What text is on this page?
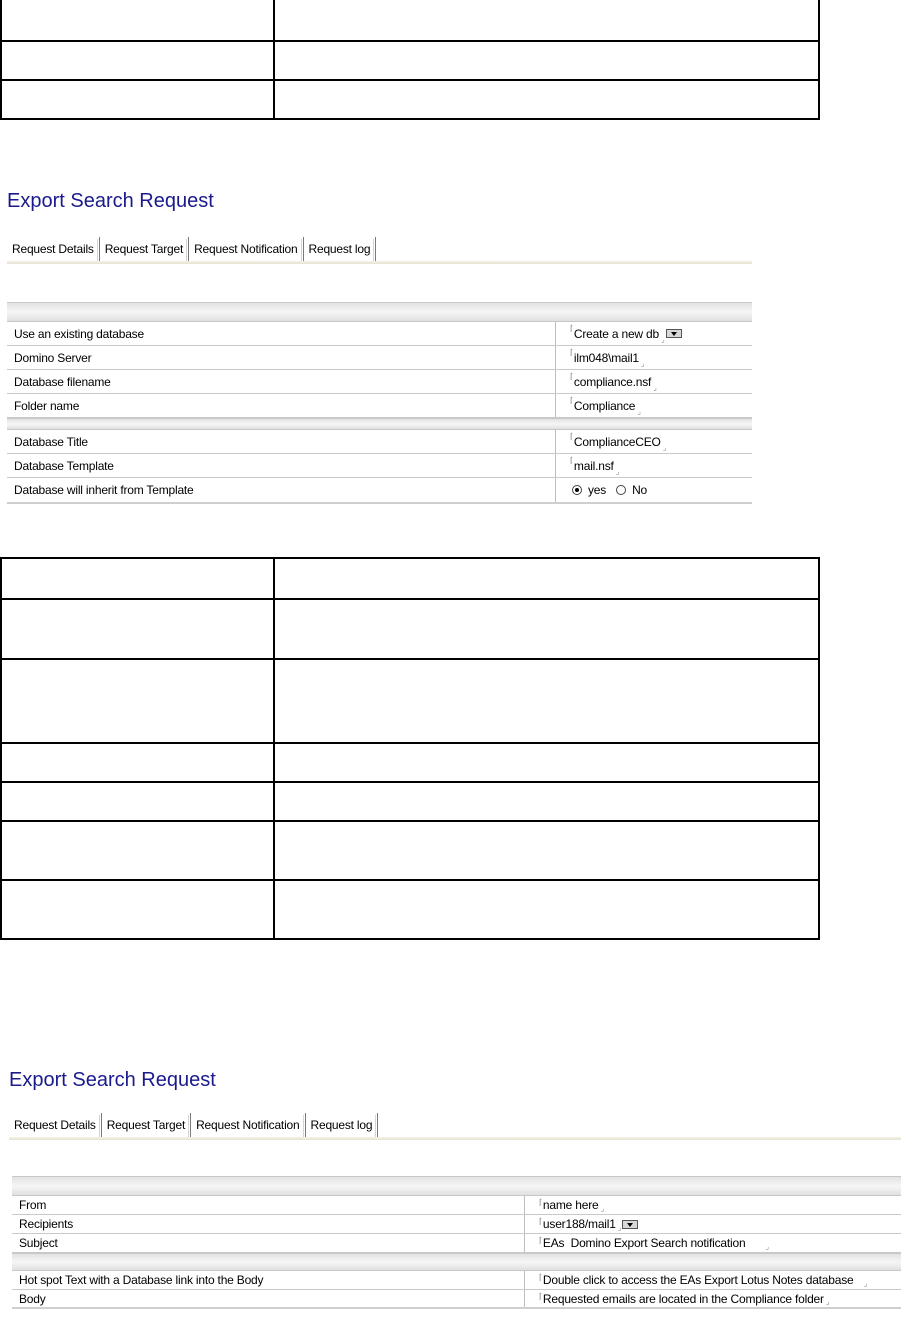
Export Search Request
Request Details Request Target Request Notification Request log
Use an existing database	⌈ Create a new db ⌟
Domino Server	⌈ ilm048\mail1 ⌟
Database filename	⌈ compliance.nsf ⌟
Folder name	⌈ Compliance ⌟
Database Title	⌈ ComplianceCEO ⌟
Database Template	⌈ mail.nsf ⌟
Database will inherit from Template	yes No

Export Search Request
Request Details Request Target Request Notification Request log
From	⌈ name here ⌟
Recipients	⌈ user188/mail1 ⌟
Subject	⌈ EAs  Domino Export Search notification	⌟
Hot spot Text with a Database link into the Body	⌈ Double click to access the EAs Export Lotus Notes database ⌟
Body	⌈ Requested emails are located in the Compliance folder ⌟
